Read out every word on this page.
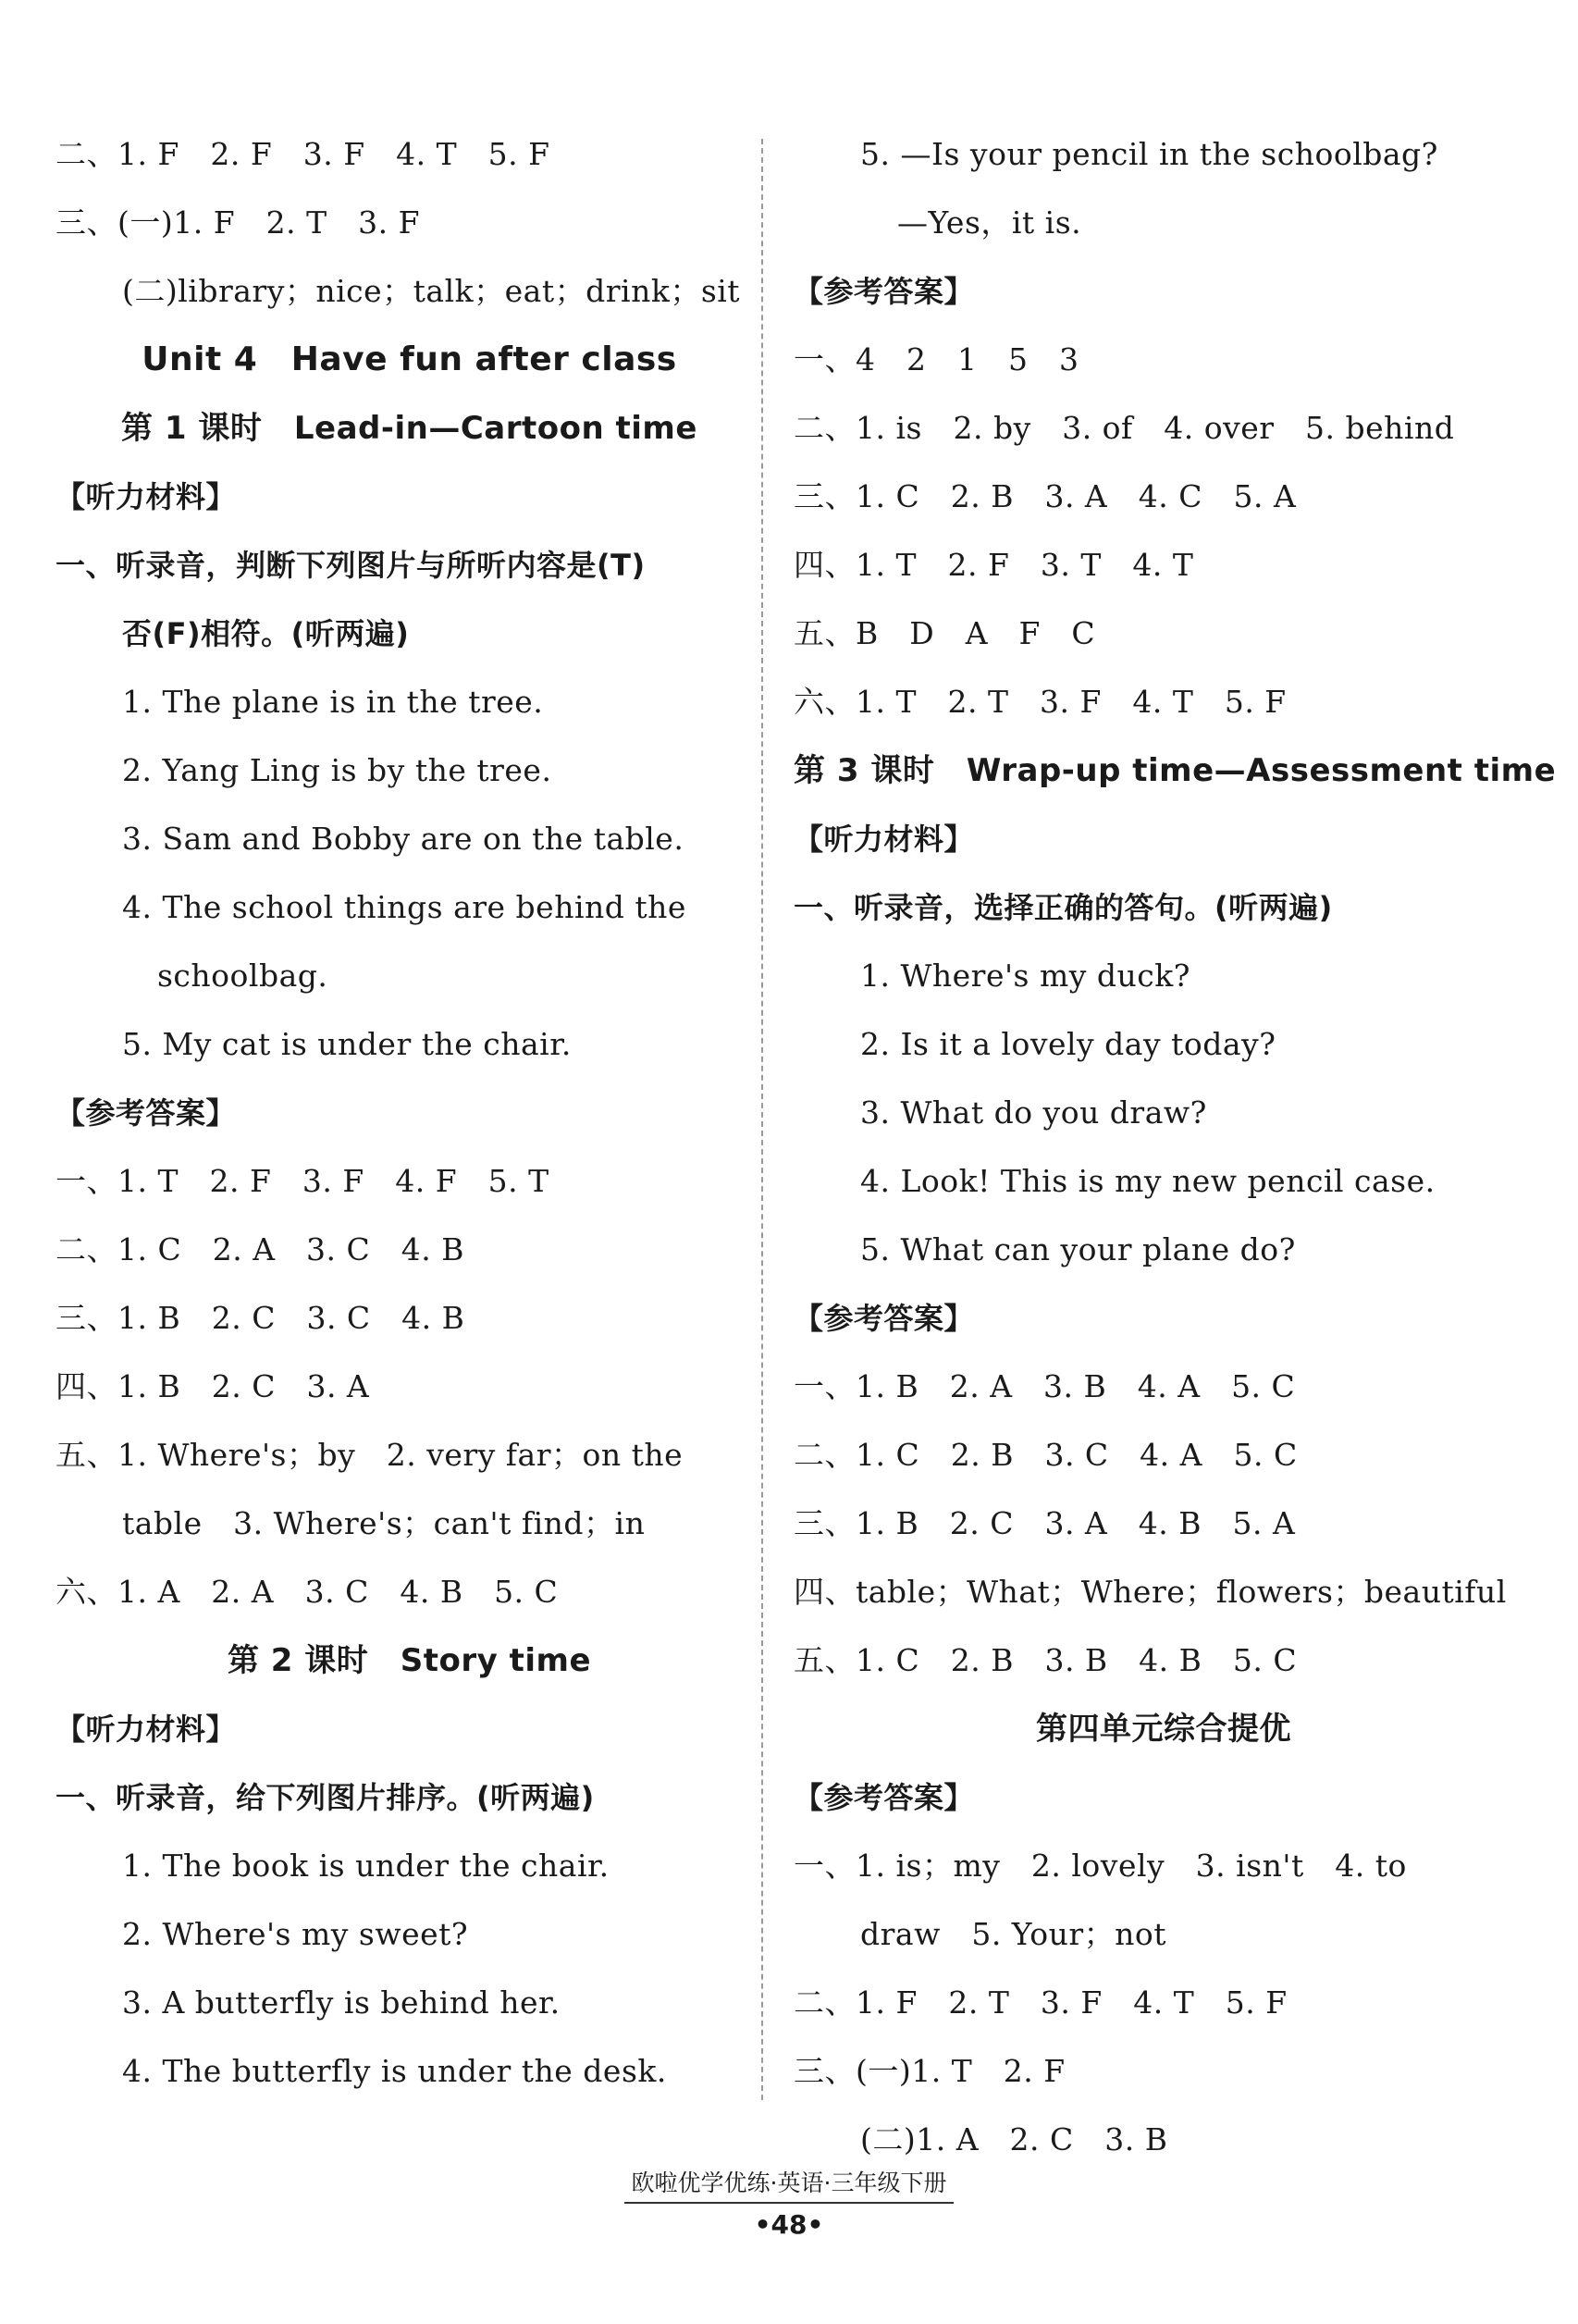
二、1. F　2. F　3. F　4. T　5. F
三、(一)1. F　2. T　3. F
(二)library；nice；talk；eat；drink；sit
Unit 4　Have fun after class
第 1 课时　Lead-in—Cartoon time
【听力材料】
一、听录音，判断下列图片与所听内容是(T)
否(F)相符。(听两遍)
1. The plane is in the tree.
2. Yang Ling is by the tree.
3. Sam and Bobby are on the table.
4. The school things are behind the
schoolbag.
5. My cat is under the chair.
【参考答案】
一、1. T　2. F　3. F　4. F　5. T
二、1. C　2. A　3. C　4. B
三、1. B　2. C　3. C　4. B
四、1. B　2. C　3. A
五、1. Where's；by　2. very far；on the
table　3. Where's；can't find；in
六、1. A　2. A　3. C　4. B　5. C
第 2 课时　Story time
【听力材料】
一、听录音，给下列图片排序。(听两遍)
1. The book is under the chair.
2. Where's my sweet?
3. A butterfly is behind her.
4. The butterfly is under the desk.
5. —Is your pencil in the schoolbag?
—Yes，it is.
【参考答案】
一、4　2　1　5　3
二、1. is　2. by　3. of　4. over　5. behind
三、1. C　2. B　3. A　4. C　5. A
四、1. T　2. F　3. T　4. T
五、B　D　A　F　C
六、1. T　2. T　3. F　4. T　5. F
第 3 课时　Wrap-up time—Assessment time
【听力材料】
一、听录音，选择正确的答句。(听两遍)
1. Where's my duck?
2. Is it a lovely day today?
3. What do you draw?
4. Look! This is my new pencil case.
5. What can your plane do?
【参考答案】
一、1. B　2. A　3. B　4. A　5. C
二、1. C　2. B　3. C　4. A　5. C
三、1. B　2. C　3. A　4. B　5. A
四、table；What；Where；flowers；beautiful
五、1. C　2. B　3. B　4. B　5. C
第四单元综合提优
【参考答案】
一、1. is；my　2. lovely　3. isn't　4. to
draw　5. Your；not
二、1. F　2. T　3. F　4. T　5. F
三、(一)1. T　2. F
(二)1. A　2. C　3. B
欧啦优学优练·英语·三年级下册
•48•
